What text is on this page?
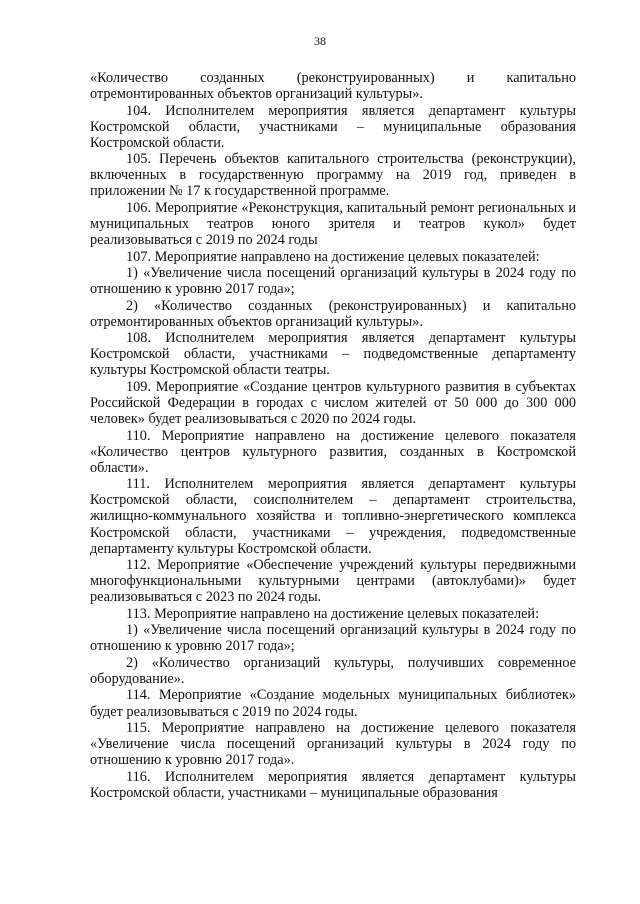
38

«Количество созданных (реконструированных) и капитально отремонтированных объектов организаций культуры».

104. Исполнителем мероприятия является департамент культуры Костромской области, участниками – муниципальные образования Костромской области.

105. Перечень объектов капитального строительства (реконструкции), включенных в государственную программу на 2019 год, приведен в приложении № 17 к государственной программе.

106. Мероприятие «Реконструкция, капитальный ремонт региональных и муниципальных театров юного зрителя и театров кукол» будет реализовываться с 2019 по 2024 годы

107. Мероприятие направлено на достижение целевых показателей:

1) «Увеличение числа посещений организаций культуры в 2024 году по отношению к уровню 2017 года»;

2) «Количество созданных (реконструированных) и капитально отремонтированных объектов организаций культуры».

108. Исполнителем мероприятия является департамент культуры Костромской области, участниками – подведомственные департаменту культуры Костромской области театры.

109. Мероприятие «Создание центров культурного развития в субъектах Российской Федерации в городах с числом жителей от 50 000 до 300 000 человек» будет реализовываться с 2020 по 2024 годы.

110. Мероприятие направлено на достижение целевого показателя «Количество центров культурного развития, созданных в Костромской области».

111. Исполнителем мероприятия является департамент культуры Костромской области, соисполнителем – департамент строительства, жилищно-коммунального хозяйства и топливно-энергетического комплекса Костромской области, участниками – учреждения, подведомственные департаменту культуры Костромской области.

112. Мероприятие «Обеспечение учреждений культуры передвижными многофункциональными культурными центрами (автоклубами)» будет реализовываться с 2023 по 2024 годы.

113. Мероприятие направлено на достижение целевых показателей:

1) «Увеличение числа посещений организаций культуры в 2024 году по отношению к уровню 2017 года»;

2) «Количество организаций культуры, получивших современное оборудование».

114. Мероприятие «Создание модельных муниципальных библиотек» будет реализовываться с 2019 по 2024 годы.

115. Мероприятие направлено на достижение целевого показателя «Увеличение числа посещений организаций культуры в 2024 году по отношению к уровню 2017 года».

116. Исполнителем мероприятия является департамент культуры Костромской области, участниками – муниципальные образования
